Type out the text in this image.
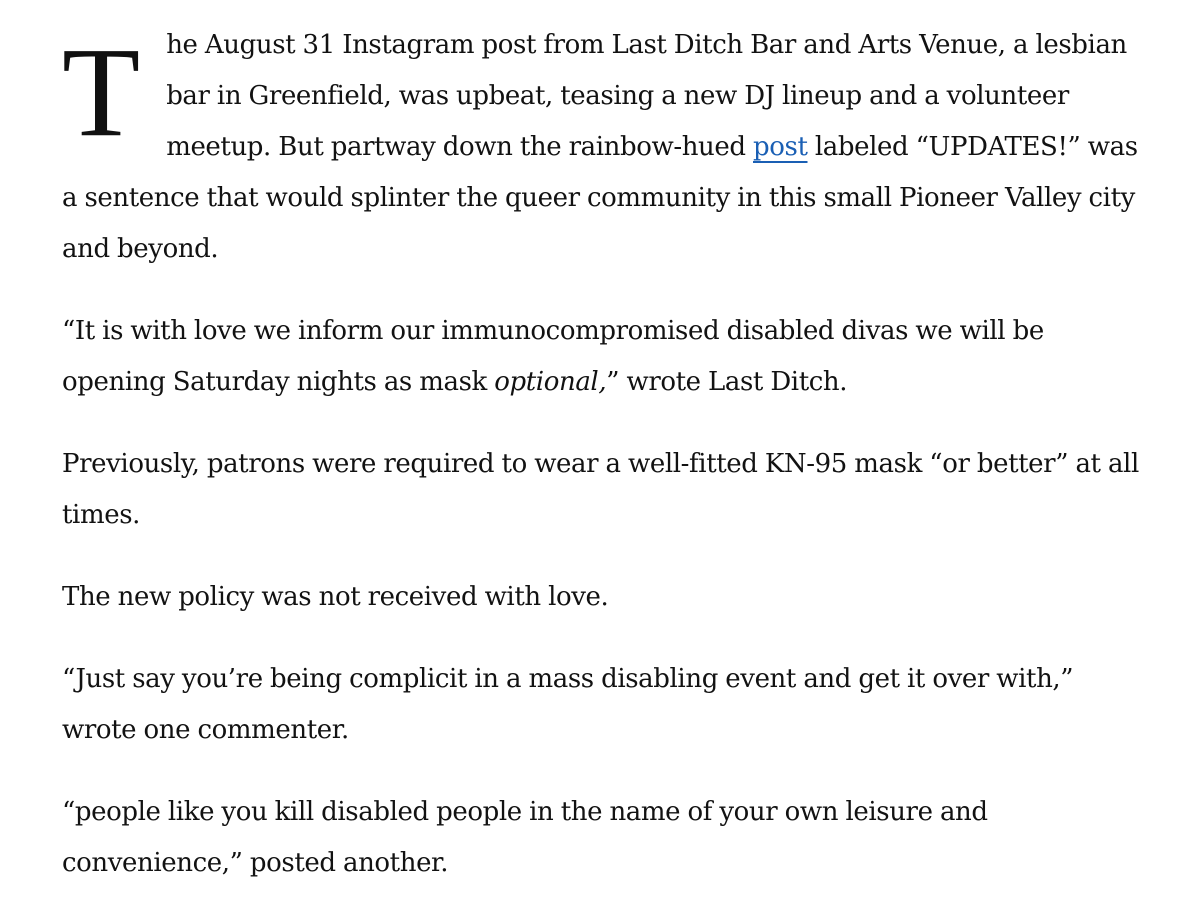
T he August 31 Instagram post from Last Ditch Bar and Arts Venue, a lesbian bar in Greenfield, was upbeat, teasing a new DJ lineup and a volunteer meetup. But partway down the rainbow-hued post labeled “UPDATES!” was a sentence that would splinter the queer community in this small Pioneer Valley city and beyond.

“It is with love we inform our immunocompromised disabled divas we will be opening Saturday nights as mask optional,” wrote Last Ditch.

Previously, patrons were required to wear a well-fitted KN-95 mask “or better” at all times.

The new policy was not received with love.

“Just say you’re being complicit in a mass disabling event and get it over with,” wrote one commenter.

“people like you kill disabled people in the name of your own leisure and convenience,” posted another.
